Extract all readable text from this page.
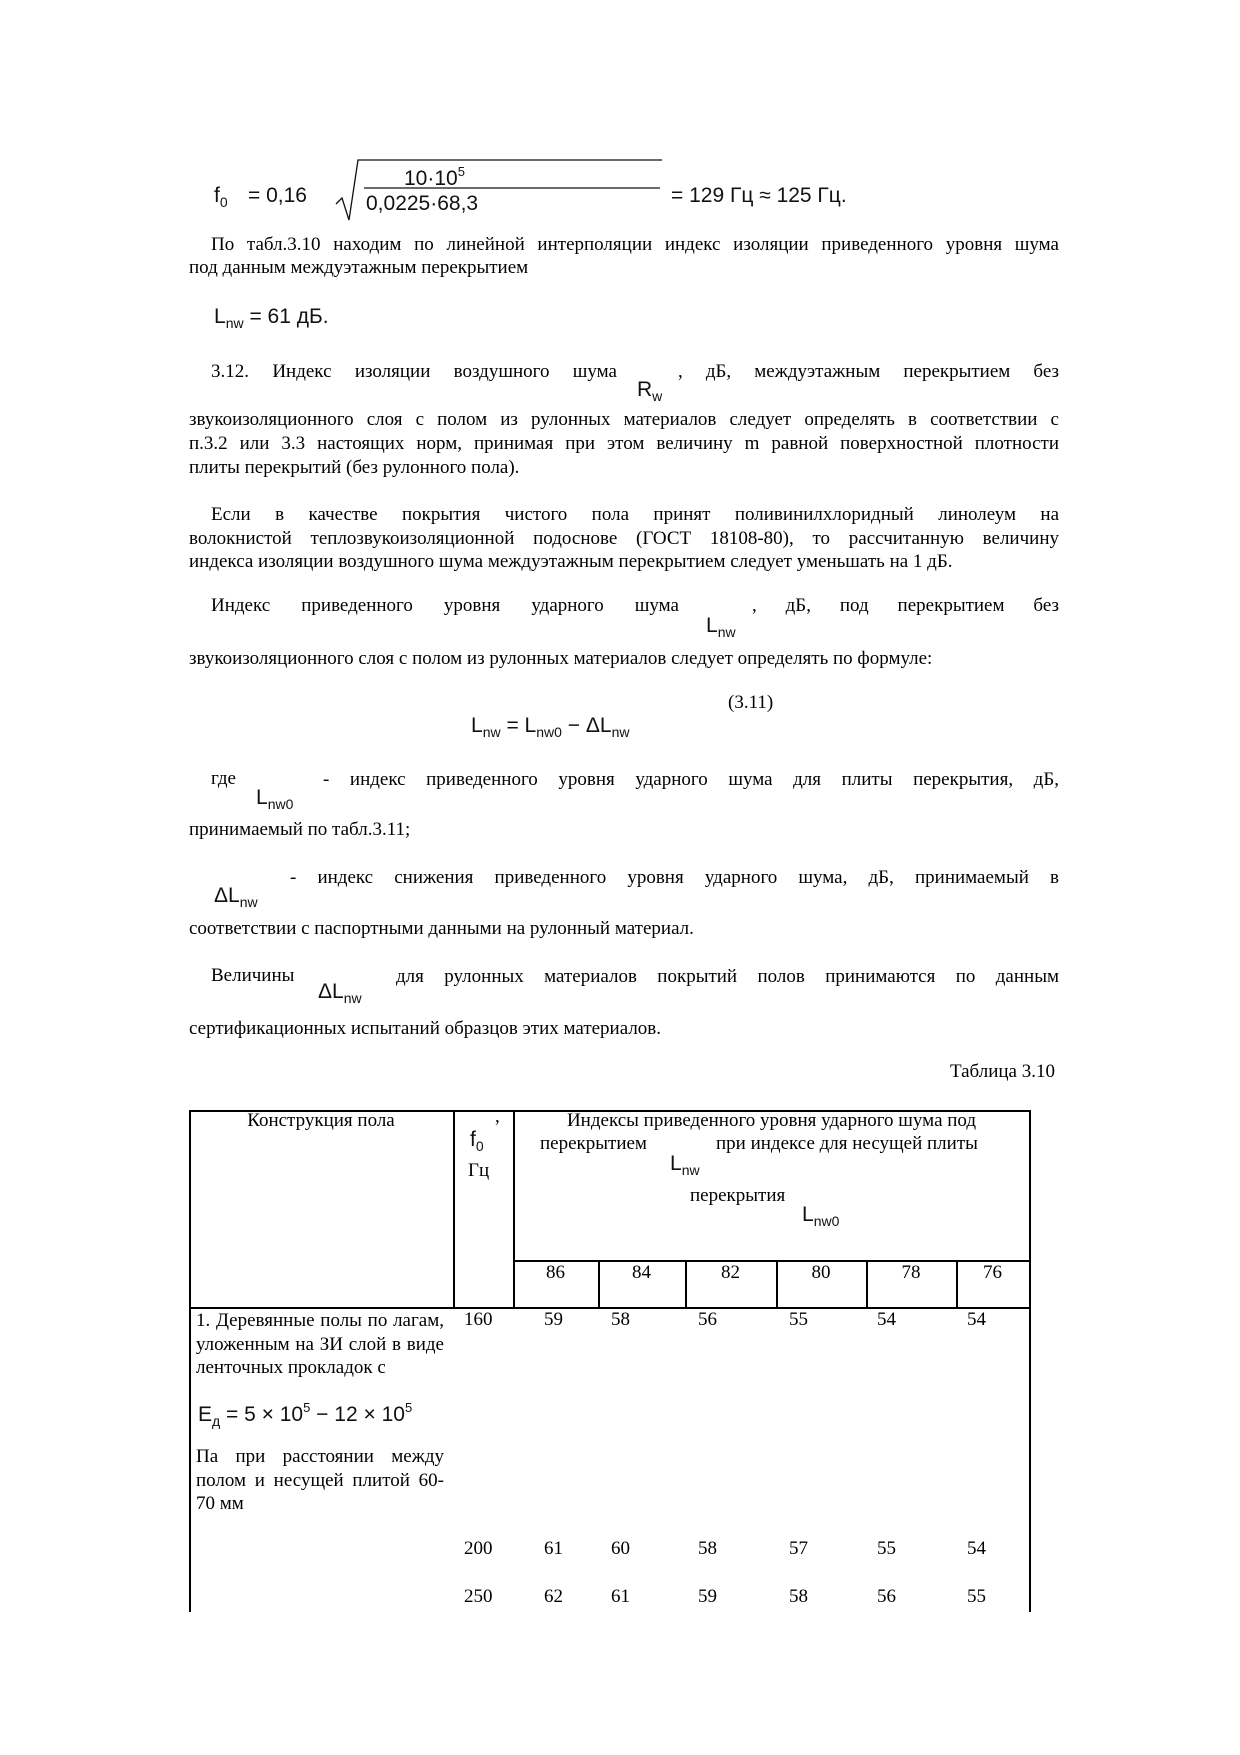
$f_0 = 0,16$
$10\cdot 10^5$
0,0225·68,3	= 129 Гц ≈ 125 Гц.
По табл.3.10 находим по линейной интерполяции индекс изоляции приведенного уровня шума
под данным междуэтажным перекрытием
$L_{nw} = 61$ дБ.
3.12. Индекс изоляции воздушного шума
$R_w$
, дБ, междуэтажным перекрытием без
звукоизоляционного слоя с полом из рулонных материалов следует определять в соответствии с
п.3.2 или 3.3 настоящих норм, принимая при этом величину m равной поверхностной плотности
плиты перекрытий (без рулонного пола).
Если в качестве покрытия чистого пола принят поливинилхлоридный линолеум на
волокнистой теплозвукоизоляционной подоснове (ГОСТ 18108-80), то рассчитанную величину
индекса изоляции воздушного шума междуэтажным перекрытием следует уменьшать на 1 дБ.
Индекс приведенного уровня ударного шума
$L_{nw}$
, дБ, под перекрытием без
звукоизоляционного слоя с полом из рулонных материалов следует определять по формуле:
(3.11)
$L_{nw} = L_{nw0} - \Delta L_{nw}$
где
$L_{nw0}$
- индекс приведенного уровня ударного шума для плиты перекрытия, дБ,
принимаемый по табл.3.11;
$\Delta L_{nw}$
- индекс снижения приведенного уровня ударного шума, дБ, принимаемый в
соответствии с паспортными данными на рулонный материал.
Величины
$\Delta L_{nw}$
для рулонных материалов покрытий полов принимаются по данным
сертификационных испытаний образцов этих материалов.
Таблица 3.10
Конструкция пола
$f_0$
,
Гц
Индексы приведенного уровня ударного шума под
перекрытием	при индексе для несущей плиты
$L_{nw}$
перекрытия
$L_{nw0}$
86	84	82	80	78	76
1. Деревянные полы по лагам, уложенным на ЗИ слой в виде ленточных прокладок с
$E_д = 5 \times 10^5 - 12 \times 10^5$
Па при расстоянии между полом и несущей плитой 60-70 мм
160	59	58	56	55	54	54
200	61	60	58	57	55	54
250	62	61	59	58	56	55
